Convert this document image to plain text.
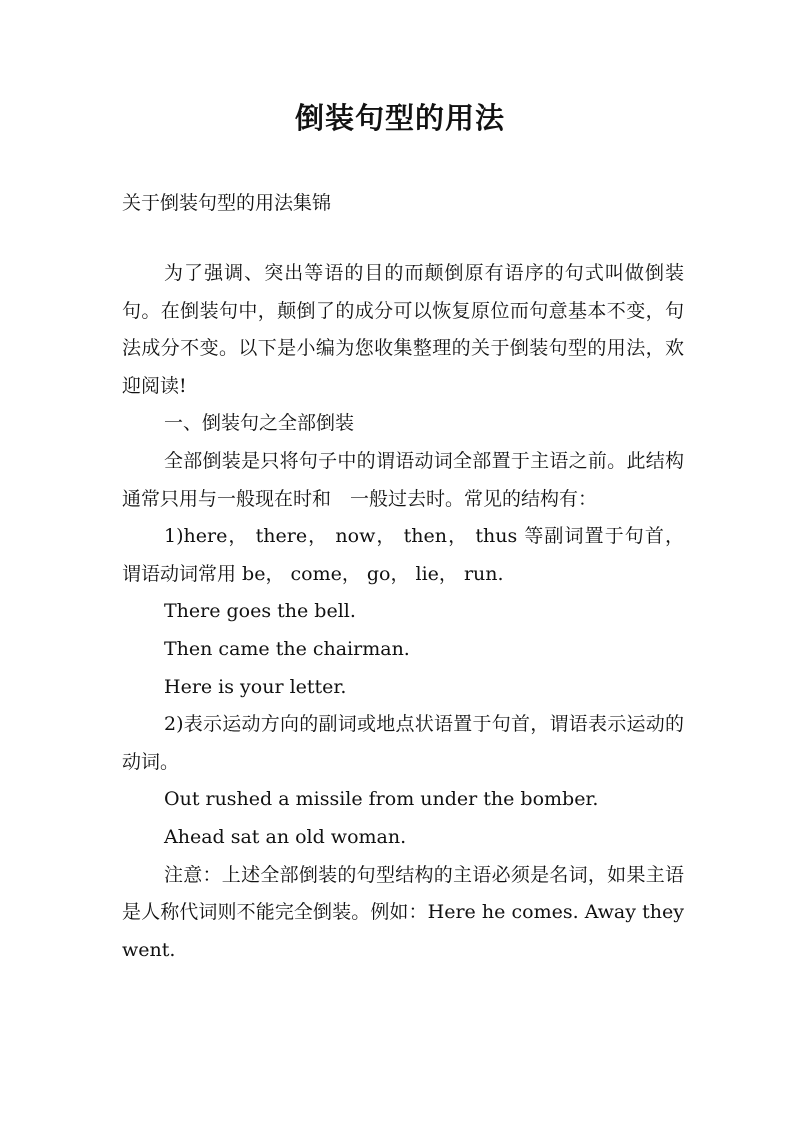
倒装句型的用法
关于倒装句型的用法集锦

为了强调、突出等语的目的而颠倒原有语序的句式叫做倒装句。在倒装句中，颠倒了的成分可以恢复原位而句意基本不变，句法成分不变。以下是小编为您收集整理的关于倒装句型的用法，欢迎阅读!

一、倒装句之全部倒装

全部倒装是只将句子中的谓语动词全部置于主语之前。此结构通常只用与一般现在时和　一般过去时。常见的结构有：

1)here， there， now， then， thus 等副词置于句首， 谓语动词常用 be， come， go， lie， run.

There goes the bell.

Then came the chairman.

Here is your letter.

2)表示运动方向的副词或地点状语置于句首，谓语表示运动的动词。

Out rushed a missile from under the bomber.

Ahead sat an old woman.

注意：上述全部倒装的句型结构的主语必须是名词，如果主语是人称代词则不能完全倒装。例如：Here he comes. Away they went.
